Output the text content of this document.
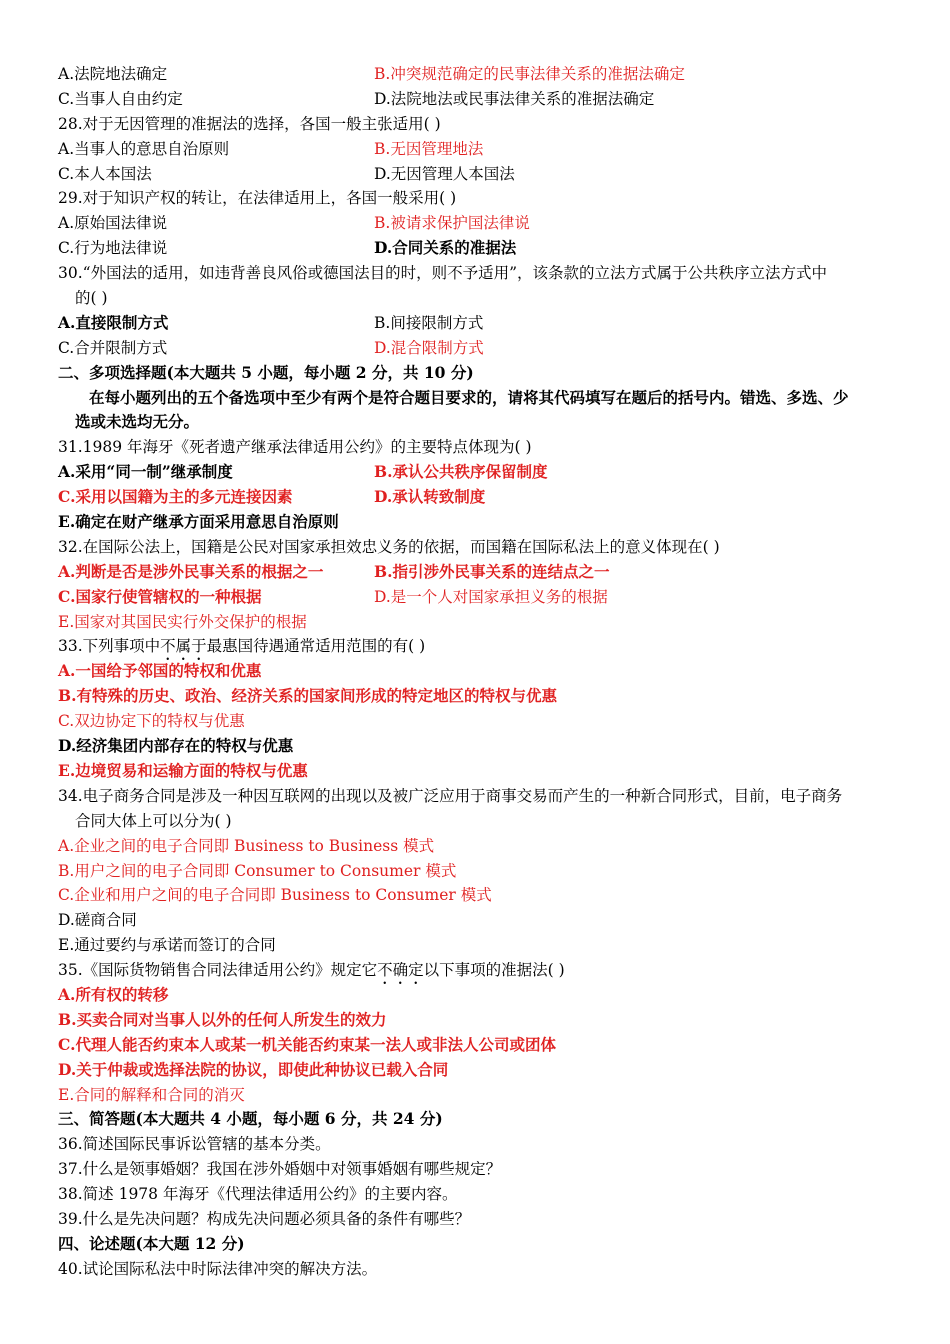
A.法院地法确定	B.冲突规范确定的民事法律关系的准据法确定
C.当事人自由约定	D.法院地法或民事法律关系的准据法确定
28.对于无因管理的准据法的选择，各国一般主张适用( )
A.当事人的意思自治原则	B.无因管理地法
C.本人本国法	D.无因管理人本国法
29.对于知识产权的转让，在法律适用上，各国一般采用( )
A.原始国法律说	B.被请求保护国法律说
C.行为地法律说	D.合同关系的准据法
30.“外国法的适用，如违背善良风俗或德国法目的时，则不予适用”，该条款的立法方式属于公共秩序立法方式中
的( )
A.直接限制方式	B.间接限制方式
C.合并限制方式	D.混合限制方式
二、多项选择题(本大题共 5 小题，每小题 2 分，共 10 分)
在每小题列出的五个备选项中至少有两个是符合题目要求的，请将其代码填写在题后的括号内。错选、多选、少
选或未选均无分。
31.1989 年海牙《死者遗产继承法律适用公约》的主要特点体现为( )
A.采用“同一制”继承制度	B.承认公共秩序保留制度
C.采用以国籍为主的多元连接因素	D.承认转致制度
E.确定在财产继承方面采用意思自治原则
32.在国际公法上，国籍是公民对国家承担效忠义务的依据，而国籍在国际私法上的意义体现在( )
A.判断是否是涉外民事关系的根据之一	B.指引涉外民事关系的连结点之一
C.国家行使管辖权的一种根据	D.是一个人对国家承担义务的根据
E.国家对其国民实行外交保护的根据
33.下列事项中不属于最惠国待遇通常适用范围的有( )
A.一国给予邻国的特权和优惠
B.有特殊的历史、政治、经济关系的国家间形成的特定地区的特权与优惠
C.双边协定下的特权与优惠
D.经济集团内部存在的特权与优惠
E.边境贸易和运输方面的特权与优惠
34.电子商务合同是涉及一种因互联网的出现以及被广泛应用于商事交易而产生的一种新合同形式，目前，电子商务
合同大体上可以分为( )
A.企业之间的电子合同即 Business to Business 模式
B.用户之间的电子合同即 Consumer to Consumer 模式
C.企业和用户之间的电子合同即 Business to Consumer 模式
D.磋商合同
E.通过要约与承诺而签订的合同
35.《国际货物销售合同法律适用公约》规定它不确定以下事项的准据法( )
A.所有权的转移
B.买卖合同对当事人以外的任何人所发生的效力
C.代理人能否约束本人或某一机关能否约束某一法人或非法人公司或团体
D.关于仲裁或选择法院的协议，即使此种协议已载入合同
E.合同的解释和合同的消灭
三、简答题(本大题共 4 小题，每小题 6 分，共 24 分)
36.简述国际民事诉讼管辖的基本分类。
37.什么是领事婚姻？我国在涉外婚姻中对领事婚姻有哪些规定？
38.简述 1978 年海牙《代理法律适用公约》的主要内容。
39.什么是先决问题？构成先决问题必须具备的条件有哪些？
四、论述题(本大题 12 分)
40.试论国际私法中时际法律冲突的解决方法。
